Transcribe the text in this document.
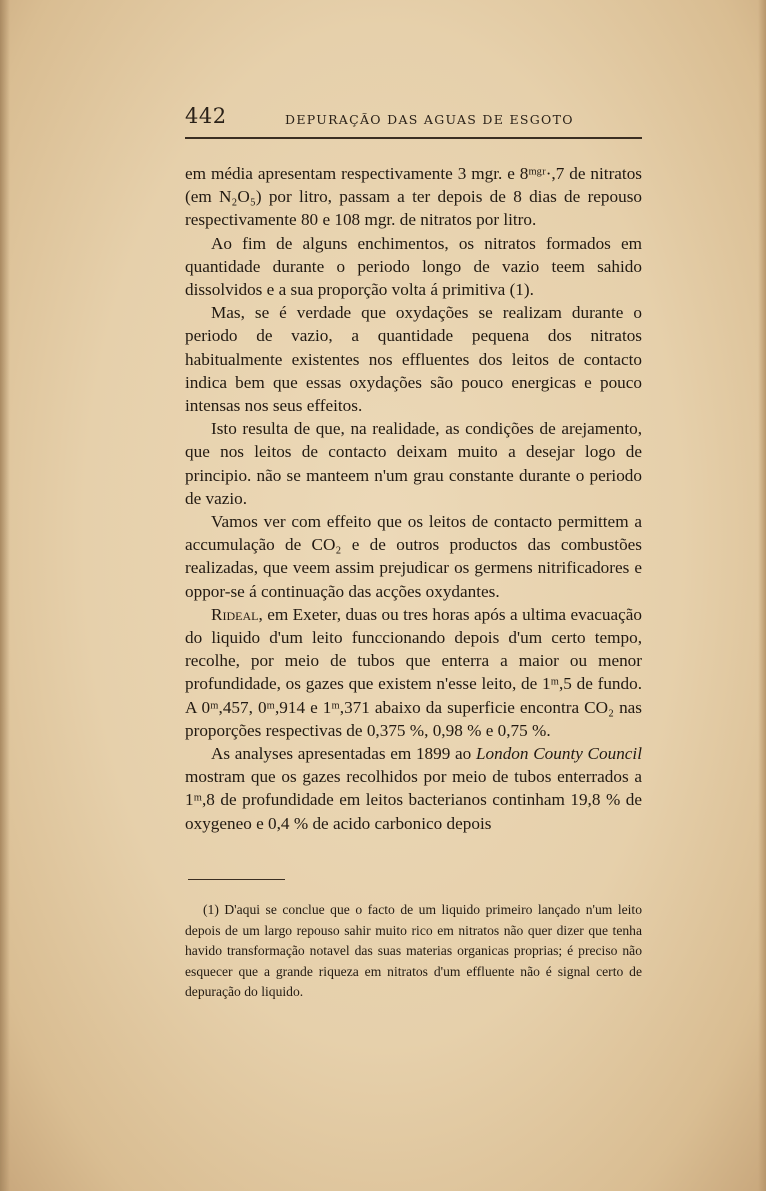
442	DEPURAÇÃO DAS AGUAS DE ESGOTO

em média apresentam respectivamente 3 mgr. e 8ᵐᵍʳ·,7 de nitratos (em N₂O₅) por litro, passam a ter depois de 8 dias de repouso respectivamente 80 e 108 mgr. de nitratos por litro.

Ao fim de alguns enchimentos, os nitratos formados em quantidade durante o periodo longo de vazio teem sahido dissolvidos e a sua proporção volta á primitiva (1).

Mas, se é verdade que oxydações se realizam durante o periodo de vazio, a quantidade pequena dos nitratos habitualmente existentes nos effluentes dos leitos de contacto indica bem que essas oxydações são pouco energicas e pouco intensas nos seus effeitos.

Isto resulta de que, na realidade, as condições de arejamento, que nos leitos de contacto deixam muito a desejar logo de principio. não se manteem n'um grau constante durante o periodo de vazio.

Vamos ver com effeito que os leitos de contacto permittem a accumulação de CO₂ e de outros productos das combustões realizadas, que veem assim prejudicar os germens nitrificadores e oppor-se á continuação das acções oxydantes.

Rideal, em Exeter, duas ou tres horas após a ultima evacuação do liquido d'um leito funccionando depois d'um certo tempo, recolhe, por meio de tubos que enterra a maior ou menor profundidade, os gazes que existem n'esse leito, de 1ᵐ,5 de fundo. A 0ᵐ,457, 0ᵐ,914 e 1ᵐ,371 abaixo da superficie encontra CO₂ nas proporções respectivas de 0,375 %, 0,98 % e 0,75 %.

As analyses apresentadas em 1899 ao London County Council mostram que os gazes recolhidos por meio de tubos enterrados a 1ᵐ,8 de profundidade em leitos bacterianos continham 19,8 % de oxygeneo e 0,4 % de acido carbonico depois

(1) D'aqui se conclue que o facto de um liquido primeiro lançado n'um leito depois de um largo repouso sahir muito rico em nitratos não quer dizer que tenha havido transformação notavel das suas materias organicas proprias; é preciso não esquecer que a grande riqueza em nitratos d'um effluente não é signal certo de depuração do liquido.
